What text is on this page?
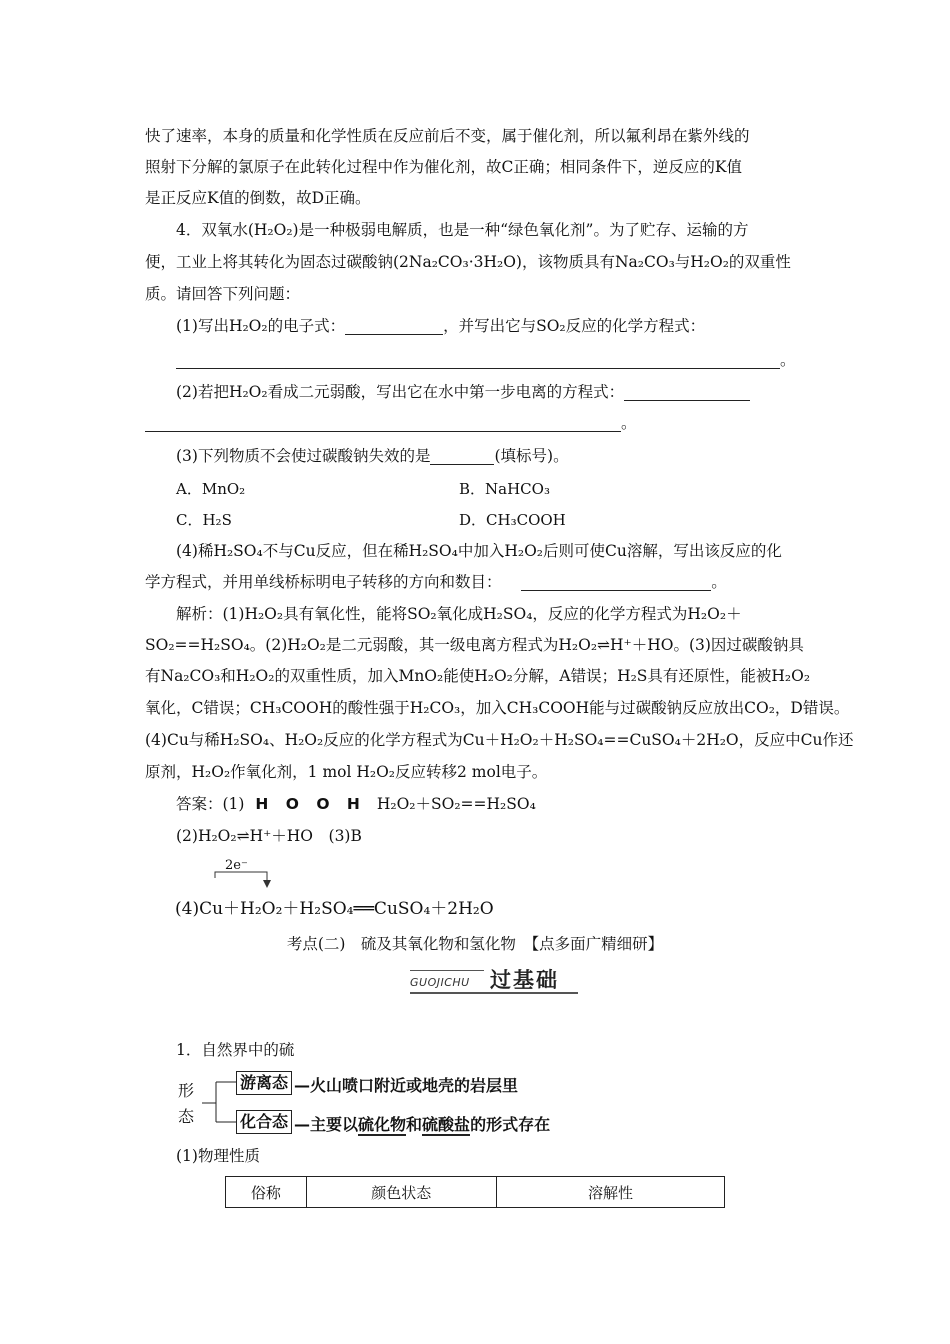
快了速率，本身的质量和化学性质在反应前后不变，属于催化剂，所以氟利昂在紫外线的
照射下分解的氯原子在此转化过程中作为催化剂，故C正确；相同条件下，逆反应的K值
是正反应K值的倒数，故D正确。
4．双氧水(H₂O₂)是一种极弱电解质，也是一种“绿色氧化剂”。为了贮存、运输的方
便，工业上将其转化为固态过碳酸钠(2Na₂CO₃·3H₂O)，该物质具有Na₂CO₃与H₂O₂的双重性
质。请回答下列问题：
(1)写出H₂O₂的电子式：	，并写出它与SO₂反应的化学方程式：
。
(2)若把H₂O₂看成二元弱酸，写出它在水中第一步电离的方程式：
。
(3)下列物质不会使过碳酸钠失效的是	(填标号)。
A．MnO₂	B．NaHCO₃
C．H₂S	D．CH₃COOH
(4)稀H₂SO₄不与Cu反应，但在稀H₂SO₄中加入H₂O₂后则可使Cu溶解，写出该反应的化
学方程式，并用单线桥标明电子转移的方向和数目：	。
解析：(1)H₂O₂具有氧化性，能将SO₂氧化成H₂SO₄，反应的化学方程式为H₂O₂＋
SO₂==H₂SO₄。(2)H₂O₂是二元弱酸，其一级电离方程式为H₂O₂⇌H⁺＋HO。(3)因过碳酸钠具
有Na₂CO₃和H₂O₂的双重性质，加入MnO₂能使H₂O₂分解，A错误；H₂S具有还原性，能被H₂O₂
氧化，C错误；CH₃COOH的酸性强于H₂CO₃，加入CH₃COOH能与过碳酸钠反应放出CO₂，D错误。
(4)Cu与稀H₂SO₄、H₂O₂反应的化学方程式为Cu＋H₂O₂＋H₂SO₄==CuSO₄＋2H₂O，反应中Cu作还
原剂，H₂O₂作氧化剂，1 mol H₂O₂反应转移2 mol电子。
答案：(1) H O O H H₂O₂＋SO₂==H₂SO₄
(2)H₂O₂⇌H⁺＋HO　(3)B
2e⁻
(4)Cu＋H₂O₂＋H₂SO₄══CuSO₄＋2H₂O
考点(二)　硫及其氧化物和氢化物　【点多面广精细研】
GUOJICHU 过基础
1．自然界中的硫
形
态
游离态 —火山喷口附近或地壳的岩层里
化合态 —主要以硫化物和硫酸盐的形式存在
(1)物理性质
俗称	颜色状态	溶解性
